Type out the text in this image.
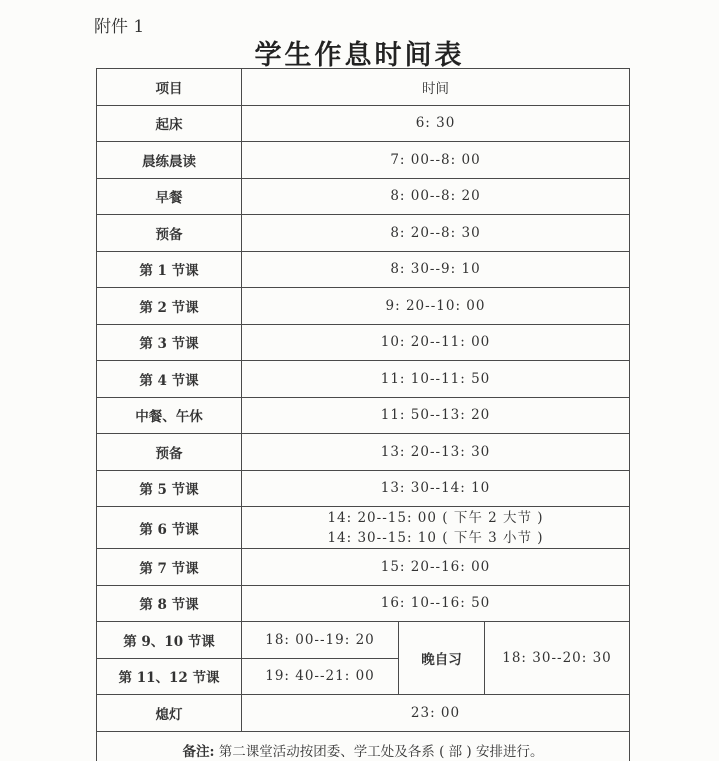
附件 1
学生作息时间表
项目	时间		
起床	6: 30		
晨练晨读	7: 00--8: 00		
早餐	8: 00--8: 20		
预备	8: 20--8: 30		
第 1 节课	8: 30--9: 10		
第 2 节课	9: 20--10: 00		
第 3 节课	10: 20--11: 00		
第 4 节课	11: 10--11: 50		
中餐、午休	11: 50--13: 20		
预备	13: 20--13: 30		
第 5 节课	13: 30--14: 10		
第 6 节课	14: 20--15: 00 ( 下午 2 大节 )
14: 30--15: 10 ( 下午 3 小节 )		

第 7 节课	15: 20--16: 00		
第 8 节课	16: 10--16: 50		
第 9、10 节课	18: 00--19: 20	晚自习	18: 30--20: 30
第 11、12 节课	19: 40--21: 00		
熄灯	23: 00		
备注: 第二课堂活动按团委、学工处及各系 ( 部 ) 安排进行。			
